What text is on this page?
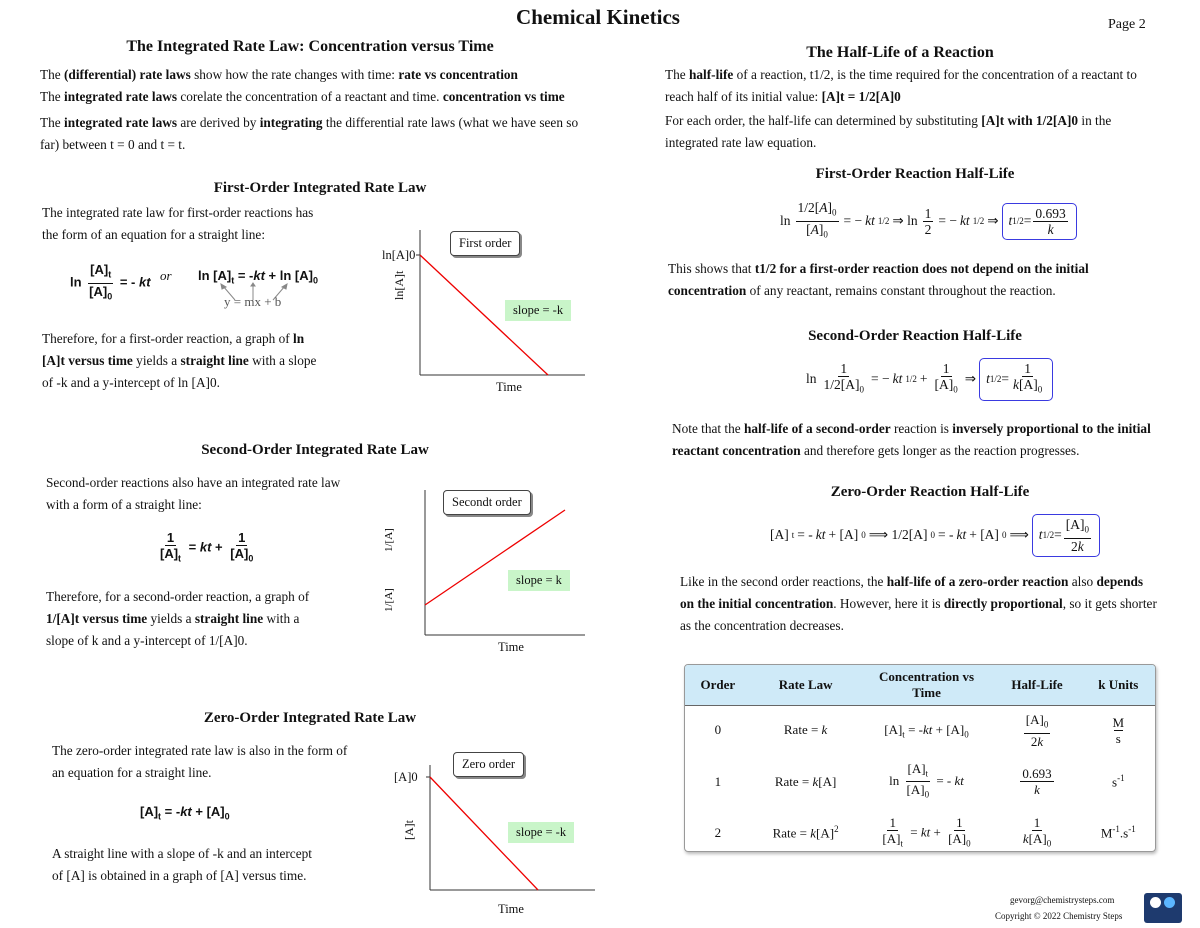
Chemical Kinetics	Page 2
The Integrated Rate Law: Concentration versus Time
The (differential) rate laws show how the rate changes with time: rate vs concentration
The integrated rate laws corelate the concentration of a reactant and time. concentration vs time
The integrated rate laws are derived by integrating the differential rate laws (what we have seen so
far) between t = 0 and t = t.
First-Order Integrated Rate Law
The integrated rate law for first-order reactions has
the form of an equation for a straight line:
$\ln \frac{[A]_t}{[A]_0}$ = - kt or $\ln [A]_t = -kt + \ln [A]_0$
y = mx + b
Therefore, for a first-order reaction, a graph of ln
[A]t versus time yields a straight line with a slope
of -k and a y-intercept of ln [A]0.
ln[A]0
ln[A]t
Time
First order
slope = -k
Second-Order Integrated Rate Law
Second-order reactions also have an integrated rate law
with a form of a straight line:
$\frac{1}{[A]_t}$ = kt + $\frac{1}{[A]_0}$
Therefore, for a second-order reaction, a graph of
1/[A]t versus time yields a straight line with a
slope of k and a y-intercept of 1/[A]0.
1/[A]
1/[A]
Time
Secondt order
slope = k
Zero-Order Integrated Rate Law
The zero-order integrated rate law is also in the form of
an equation for a straight line.
$[A]_t = -kt + [A]_0$
A straight line with a slope of -k and an intercept
of [A] is obtained in a graph of [A] versus time.
[A]0
[A]t
Time
Zero order
slope = -k
The Half-Life of a Reaction
The half-life of a reaction, t1/2, is the time required for the concentration of a reactant to
reach half of its initial value: [A]t = 1/2[A]0
For each order, the half-life can determined by substituting [A]t with 1/2[A]0 in the
integrated rate law equation.
First-Order Reaction Half-Life
$\ln \frac{1/2[A]_0}{[A]_0}$ = − kt 1/2 ⇒ $\ln \frac{1}{2}$ = − kt 1/2 ⇒ t $1/2 = \frac{0.693}{k}$
This shows that t1/2 for a first-order reaction does not depend on the initial
concentration of any reactant, remains constant throughout the reaction.
Second-Order Reaction Half-Life
$\ln \frac{1}{1/2[A]_0}$ = − kt $1/2 + \frac{1}{[A]_0}$ ⇒ t $1/2 = \frac{1}{k[A]_0}$
Note that the half-life of a second-order reaction is inversely proportional to the initial
reactant concentration and therefore gets longer as the reaction progresses.
Zero-Order Reaction Half-Life
[A] t = - kt + [A] 0 ⟹ 1/2[A] 0 = - kt + [A] 0 ⟹ t $1/2 = \frac{[A]_0}{2k}$
Like in the second order reactions, the half-life of a zero-order reaction also depends
on the initial concentration. However, here it is directly proportional, so it gets shorter
as the concentration decreases.
Order	Rate Law	Concentration vs Time	Half-Life	k Units
0	Rate = k	$[A]_t = -kt + [A]_0$	$\frac{[A]_0}{2k}$	$\frac{M}{s}$

1	Rate = k[A]	$\ln \frac{[A]_t}{[A]_0}$ = - kt	$\frac{0.693}{k}$	$s^{-1}$
2	Rate = $k[A]^2$	$\frac{1}{[A]_t}$ = kt + $\frac{1}{[A]_0}$	$\frac{1}{k[A]_0}$	$M^{-1}.s^{-1}$
gevorg@chemistrysteps.com
Copyright © 2022 Chemistry Steps
